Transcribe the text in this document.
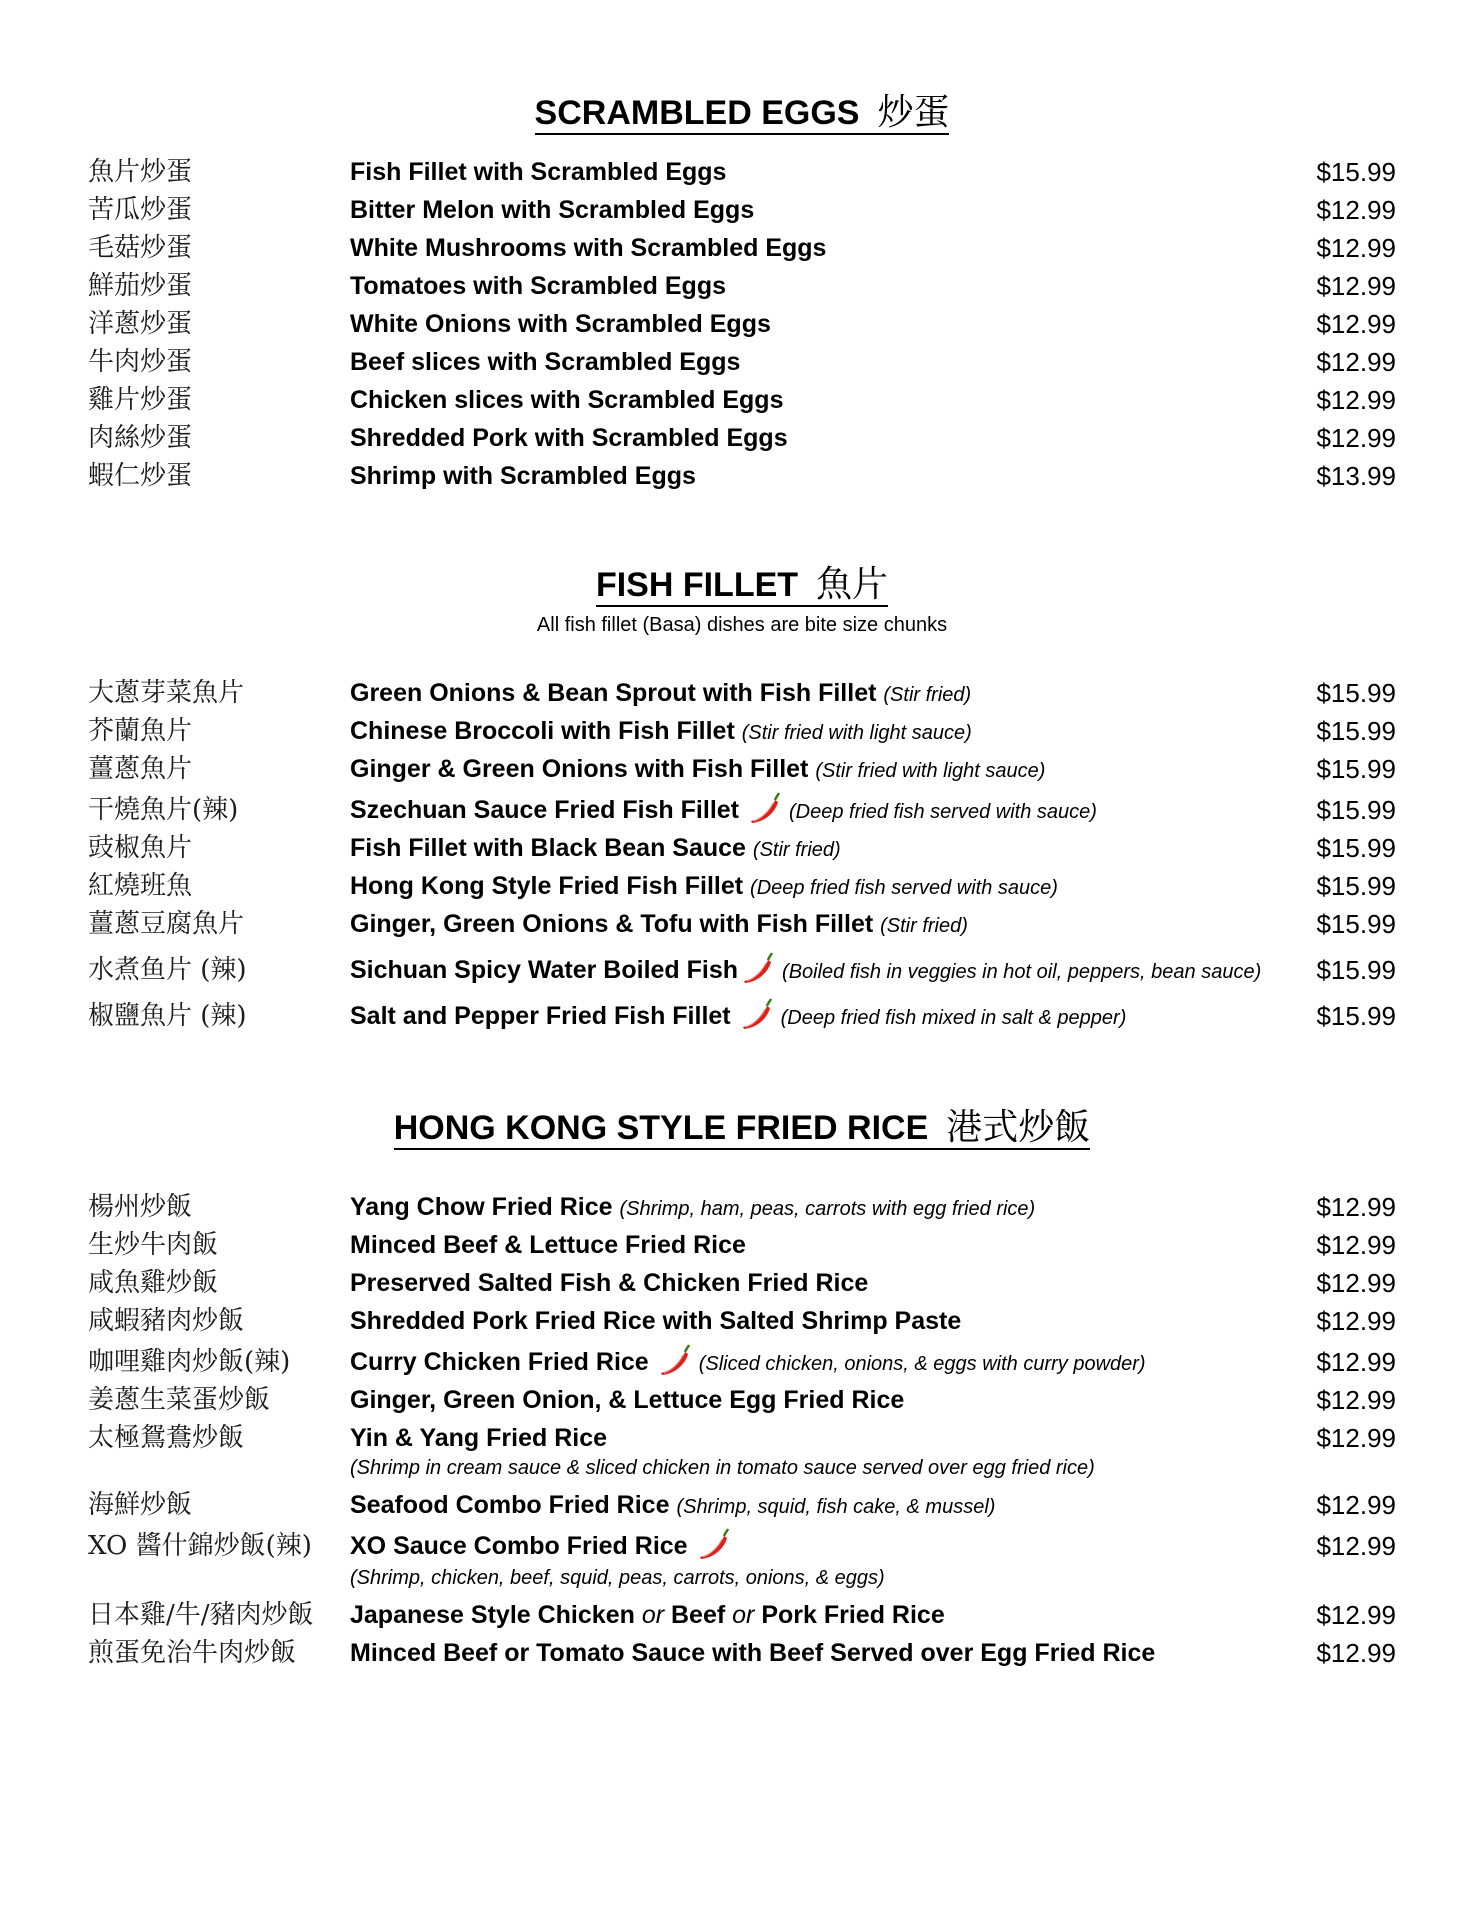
SCRAMBLED EGGS 炒蛋
魚片炒蛋	Fish Fillet with Scrambled Eggs	$15.99
苦瓜炒蛋	Bitter Melon with Scrambled Eggs	$12.99
毛菇炒蛋	White Mushrooms with Scrambled Eggs	$12.99
鮮茄炒蛋	Tomatoes with Scrambled Eggs	$12.99
洋蔥炒蛋	White Onions with Scrambled Eggs	$12.99
牛肉炒蛋	Beef slices with Scrambled Eggs	$12.99
雞片炒蛋	Chicken slices with Scrambled Eggs	$12.99
肉絲炒蛋	Shredded Pork with Scrambled Eggs	$12.99
蝦仁炒蛋	Shrimp with Scrambled Eggs	$13.99
FISH FILLET 魚片
All fish fillet (Basa) dishes are bite size chunks
大蔥芽菜魚片	Green Onions & Bean Sprout with Fish Fillet (Stir fried)	$15.99
芥蘭魚片	Chinese Broccoli with Fish Fillet (Stir fried with light sauce)	$15.99
薑蔥魚片	Ginger & Green Onions with Fish Fillet (Stir fried with light sauce)	$15.99
干燒魚片(辣)	Szechuan Sauce Fried Fish Fillet	(Deep fried fish served with sauce)	$15.99
豉椒魚片	Fish Fillet with Black Bean Sauce (Stir fried)	$15.99
紅燒班魚	Hong Kong Style Fried Fish Fillet (Deep fried fish served with sauce)	$15.99
薑蔥豆腐魚片	Ginger, Green Onions & Tofu with Fish Fillet (Stir fried)	$15.99
水煮鱼片 (辣)	Sichuan Spicy Water Boiled Fish (Boiled fish in veggies in hot oil, peppers, bean sauce) $15.99
椒鹽魚片 (辣)	Salt and Pepper Fried Fish Fillet	(Deep fried fish mixed in salt & pepper)	$15.99
HONG KONG STYLE FRIED RICE 港式炒飯
楊州炒飯	Yang Chow Fried Rice (Shrimp, ham, peas, carrots with egg fried rice)	$12.99
生炒牛肉飯	Minced Beef & Lettuce Fried Rice	$12.99
咸魚雞炒飯	Preserved Salted Fish & Chicken Fried Rice	$12.99
咸蝦豬肉炒飯	Shredded Pork Fried Rice with Salted Shrimp Paste	$12.99
咖哩雞肉炒飯(辣) Curry Chicken Fried Rice	(Sliced chicken, onions, & eggs with curry powder)	$12.99
姜蔥生菜蛋炒飯	Ginger, Green Onion, & Lettuce Egg Fried Rice	$12.99
太極鴛鴦炒飯	Yin & Yang Fried Rice	$12.99
(Shrimp in cream sauce & sliced chicken in tomato sauce served over egg fried rice)
海鮮炒飯	Seafood Combo Fried Rice (Shrimp, squid, fish cake, & mussel)	$12.99
XO 醬什錦炒飯(辣) XO Sauce Combo Fried Rice	$12.99
(Shrimp, chicken, beef, squid, peas, carrots, onions, & eggs)
日本雞/牛/豬肉炒飯 Japanese Style Chicken or Beef or Pork Fried Rice	$12.99
煎蛋免治牛肉炒飯 Minced Beef or Tomato Sauce with Beef Served over Egg Fried Rice	$12.99
